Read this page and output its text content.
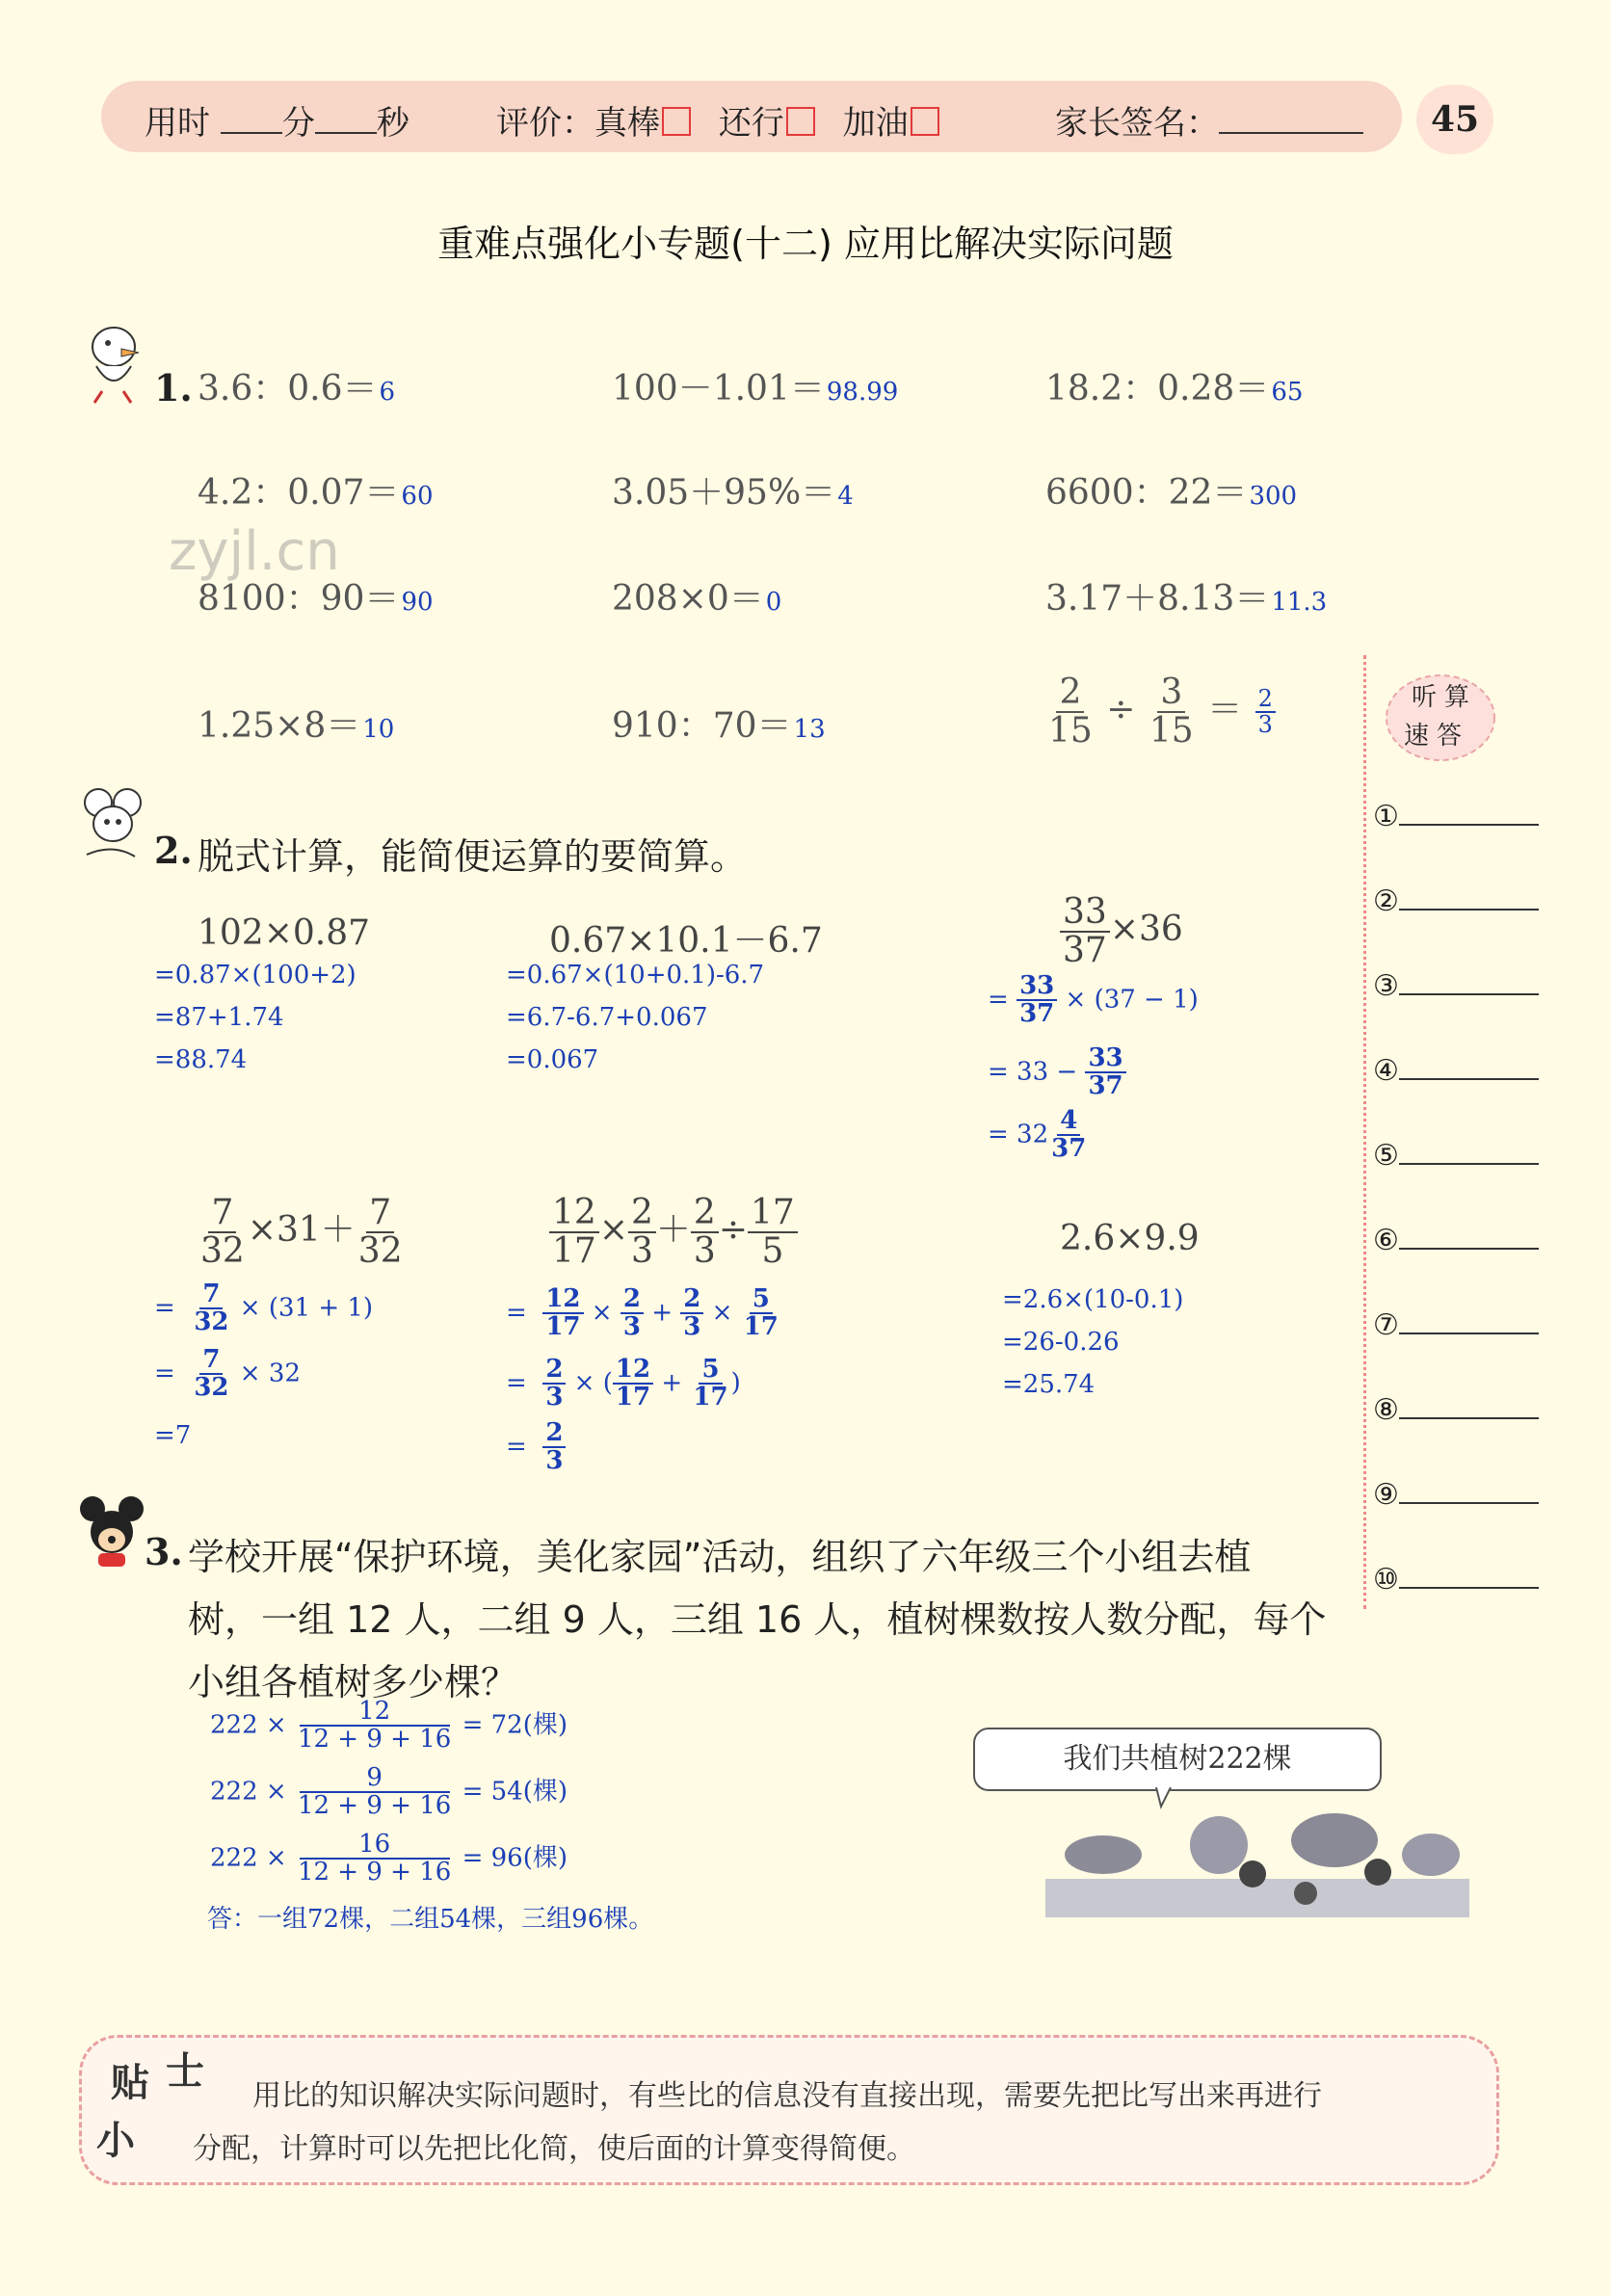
用时 分 秒	评价：真棒 还行 加油	家长签名：	45
重难点强化小专题(十二) 应用比解决实际问题
zyjl.cn
1. 3.6：0.6＝6	100－1.01＝98.99	18.2：0.28＝65
4.2：0.07＝60	3.05＋95%＝4	6600：22＝300
8100：90＝90	208×0＝0	3.17＋8.13＝11.3
1.25×8＝10	910：70＝13	$\frac{2}{15} \div \frac{3}{15} = \frac{2}{3}$	听算
速答
①
②
③
④
⑤
⑥
⑦
⑧
⑨
⑩
2. 脱式计算，能简便运算的要简算。
102×0.87
=0.87×(100+2)
=87+1.74
=88.74
0.67×10.1－6.7
=0.67×(10+0.1)-6.7
=6.7-6.7+0.067
=0.067
$\frac{33}{37} \times 36$
= $\frac{33}{37} \times (37 - 1)$
= $33 - \frac{33}{37}$
= $32 \frac{4}{37}$
$\frac{7}{32} \times 31+ \frac{7}{32}$
= $\frac{7}{32} \times (31 + 1)$
= $\frac{7}{32} \times 32$
=7
$\frac{12}{17} \times \frac{2}{3} + \frac{2}{3} \div \frac{17}{5}$
= $\frac{12}{17} \times \frac{2}{3} + \frac{2}{3} \times \frac{5}{17}$
= $\frac{2}{3}$ × ( $\frac{12}{17} + \frac{5}{17}$ )
= $\frac{2}{3}$
2.6×9.9
=2.6×(10-0.1)
=26-0.26
=25.74
3. 学校开展“保护环境，美化家园”活动，组织了六年级三个小组去植
树，一组 12 人，二组 9 人，三组 16 人，植树棵数按人数分配，每个
小组各植树多少棵？
$222 \times \frac{12}{12 + 9 + 16} = 72$(棵)
$222 \times \frac{9}{12 + 9 + 16} = 54$(棵)
$222 \times \frac{16}{12 + 9 + 16} = 96$(棵)
答：一组72棵，二组54棵，三组96棵。
我们共植树222棵
贴 士
小
用比的知识解决实际问题时，有些比的信息没有直接出现，需要先把比写出来再进行
分配，计算时可以先把比化简，使后面的计算变得简便。
